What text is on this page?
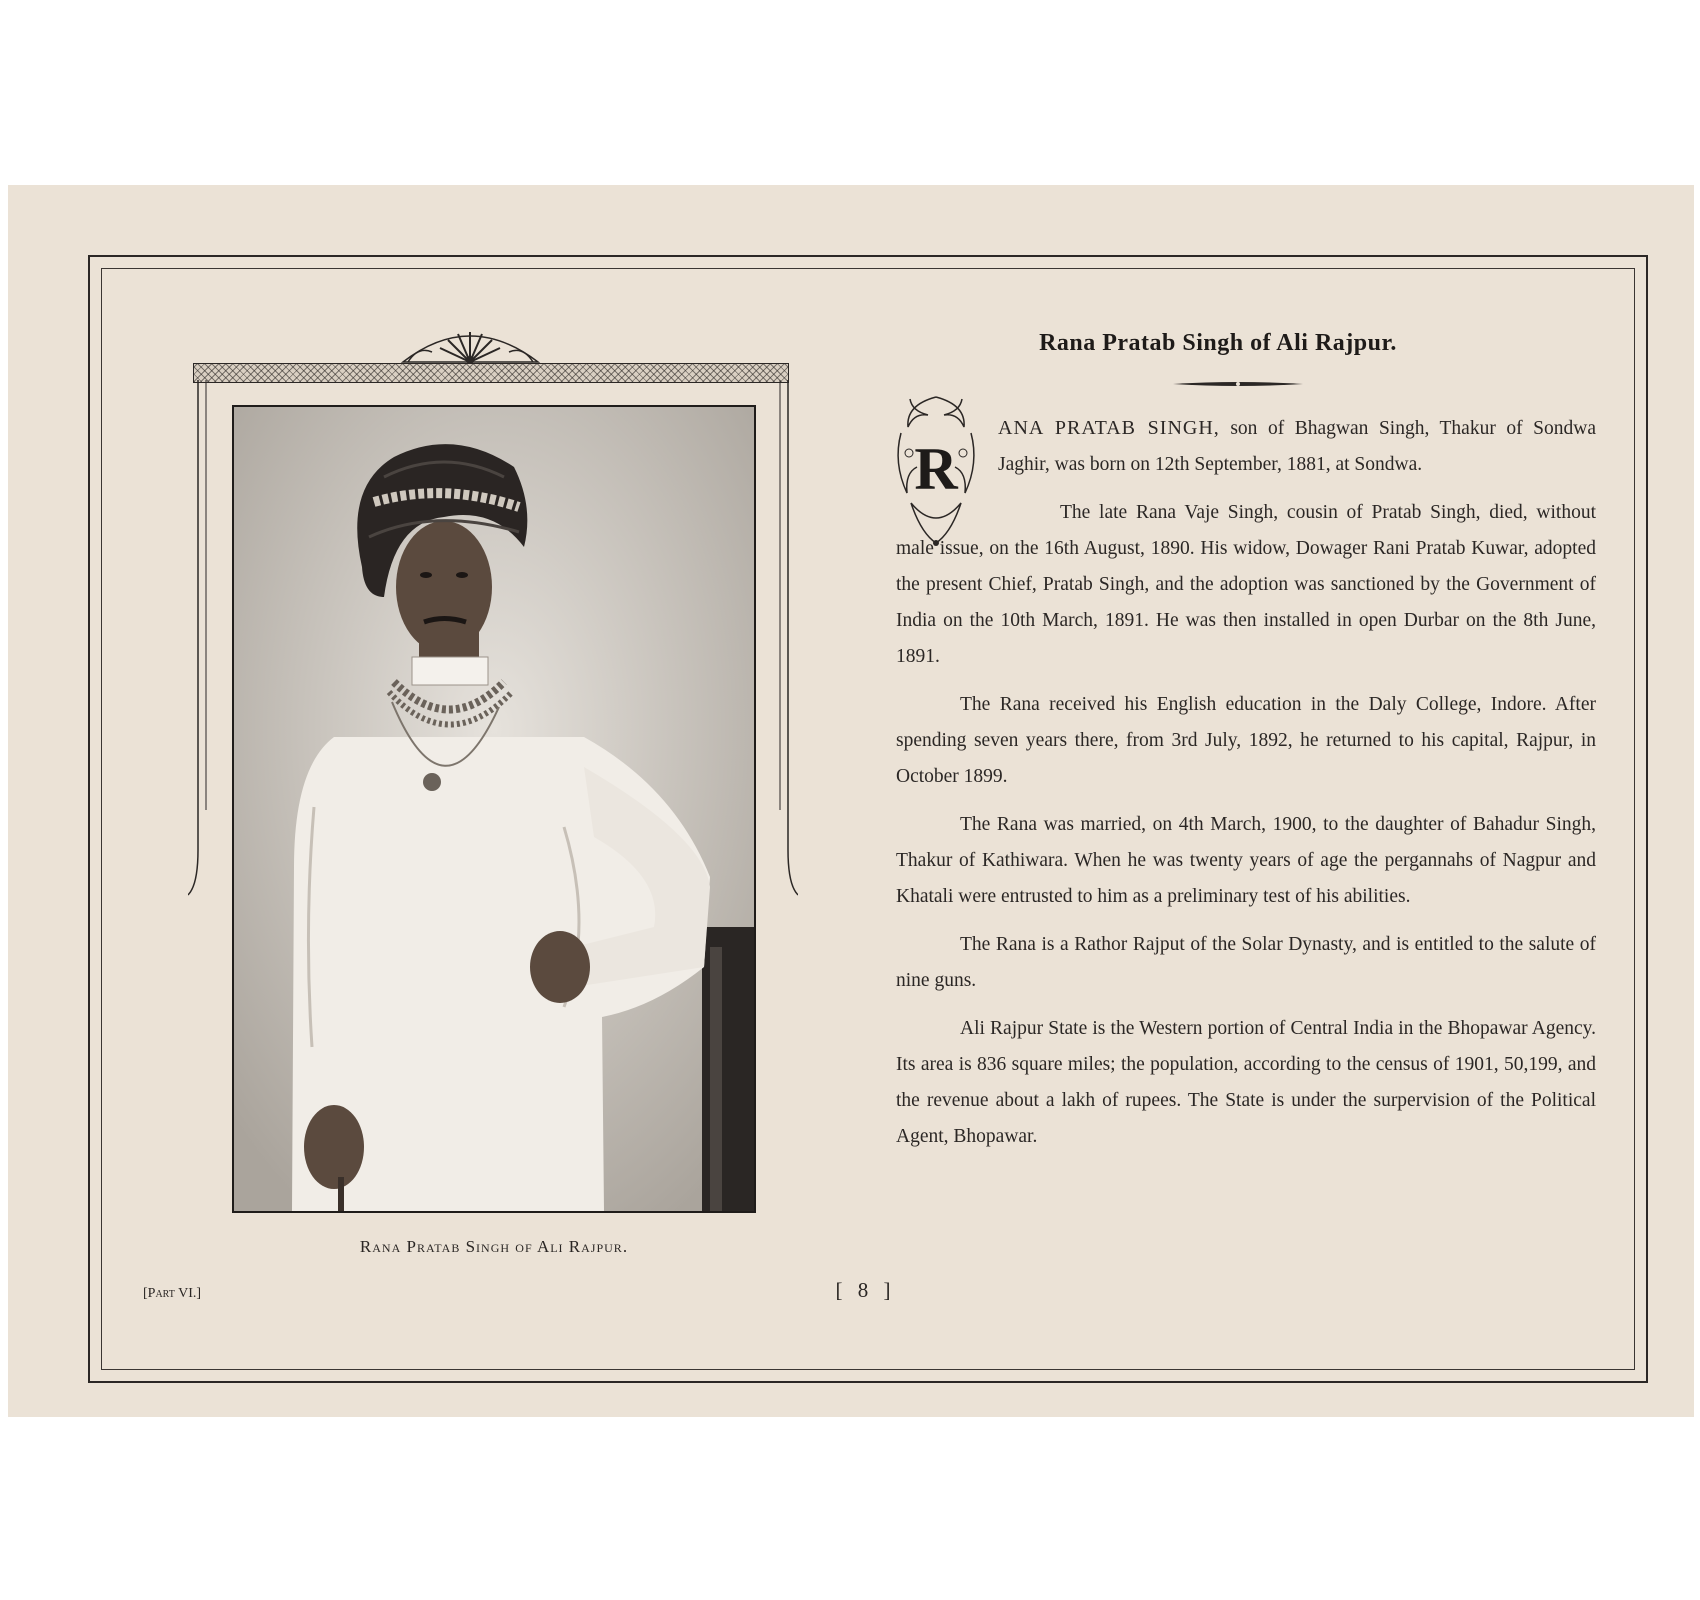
Rana Pratab Singh of Ali Rajpur.
[Part VI.]	[ 8 ]
Rana Pratab Singh of Ali Rajpur.
R

ANA PRATAB SINGH, son of Bhagwan Singh, Thakur of Sondwa Jaghir, was born on 12th September, 1881, at Sondwa.

The late Rana Vaje Singh, cousin of Pratab Singh, died, without male issue, on the 16th August, 1890. His widow, Dowager Rani Pratab Kuwar, adopted the present Chief, Pratab Singh, and the adoption was sanctioned by the Government of India on the 10th March, 1891. He was then installed in open Durbar on the 8th June, 1891.

The Rana received his English education in the Daly College, Indore. After spending seven years there, from 3rd July, 1892, he returned to his capital, Rajpur, in October 1899.

The Rana was married, on 4th March, 1900, to the daughter of Bahadur Singh, Thakur of Kathiwara. When he was twenty years of age the pergannahs of Nagpur and Khatali were entrusted to him as a preliminary test of his abilities.

The Rana is a Rathor Rajput of the Solar Dynasty, and is entitled to the salute of nine guns.

Ali Rajpur State is the Western portion of Central India in the Bhopawar Agency. Its area is 836 square miles; the population, according to the census of 1901, 50,199, and the revenue about a lakh of rupees. The State is under the surpervision of the Political Agent, Bhopawar.
